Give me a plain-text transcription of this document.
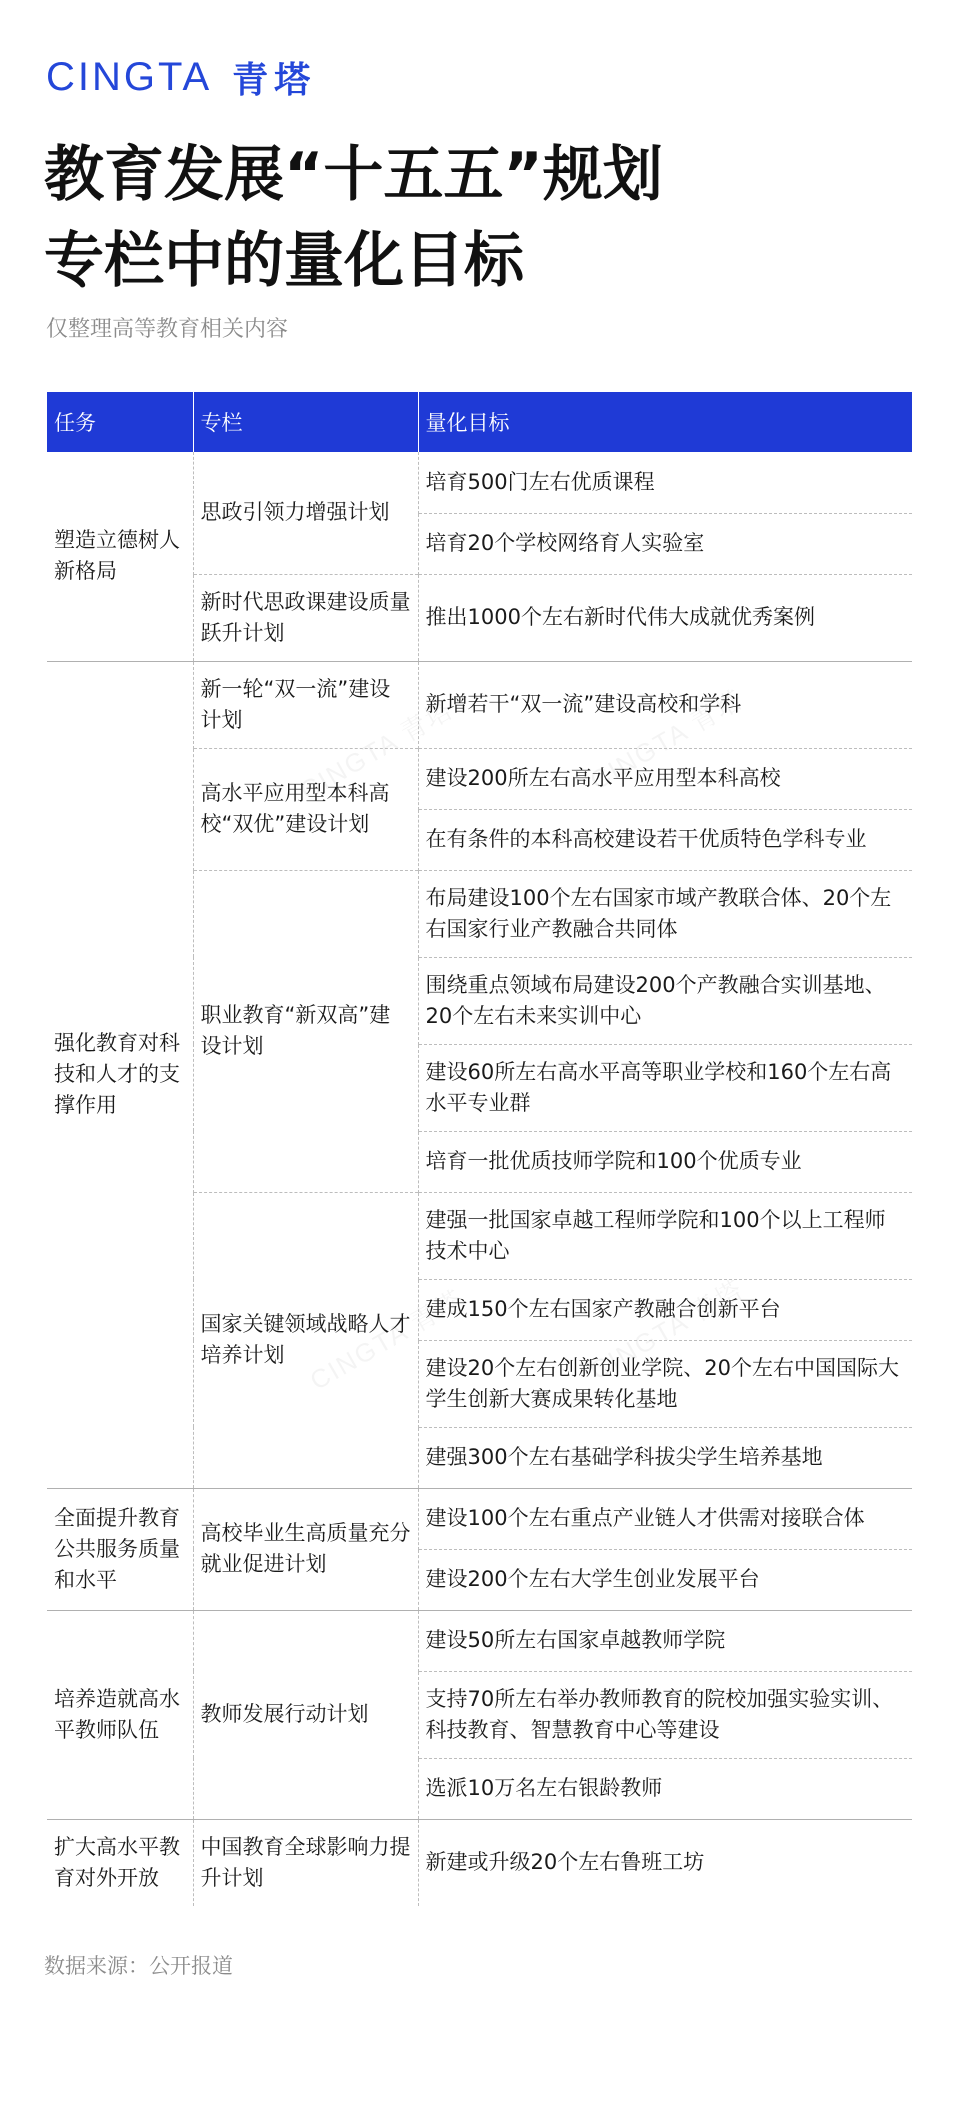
CINGTA 青塔
教育发展“十五五”规划
专栏中的量化目标
仅整理高等教育相关内容
任务	专栏	量化目标
塑造立德树人新格局	思政引领力增强计划	培育500门左右优质课程
		培育20个学校网络育人实验室
	新时代思政课建设质量跃升计划	推出1000个左右新时代伟大成就优秀案例
强化教育对科技和人才的支撑作用	新一轮“双一流”建设计划	新增若干“双一流”建设高校和学科
	高水平应用型本科高校“双优”建设计划	建设200所左右高水平应用型本科高校
		在有条件的本科高校建设若干优质特色学科专业
	职业教育“新双高”建设计划	布局建设100个左右国家市域产教联合体、20个左右国家行业产教融合共同体
		围绕重点领域布局建设200个产教融合实训基地、20个左右未来实训中心
		建设60所左右高水平高等职业学校和160个左右高水平专业群
		培育一批优质技师学院和100个优质专业
	国家关键领域战略人才培养计划	建强一批国家卓越工程师学院和100个以上工程师技术中心
		建成150个左右国家产教融合创新平台
		建设20个左右创新创业学院、20个左右中国国际大学生创新大赛成果转化基地
		建强300个左右基础学科拔尖学生培养基地
全面提升教育公共服务质量和水平	高校毕业生高质量充分就业促进计划	建设100个左右重点产业链人才供需对接联合体
		建设200个左右大学生创业发展平台
培养造就高水平教师队伍	教师发展行动计划	建设50所左右国家卓越教师学院
		支持70所左右举办教师教育的院校加强实验实训、科技教育、智慧教育中心等建设
		选派10万名左右银龄教师
扩大高水平教育对外开放	中国教育全球影响力提升计划	新建或升级20个左右鲁班工坊
数据来源：公开报道
